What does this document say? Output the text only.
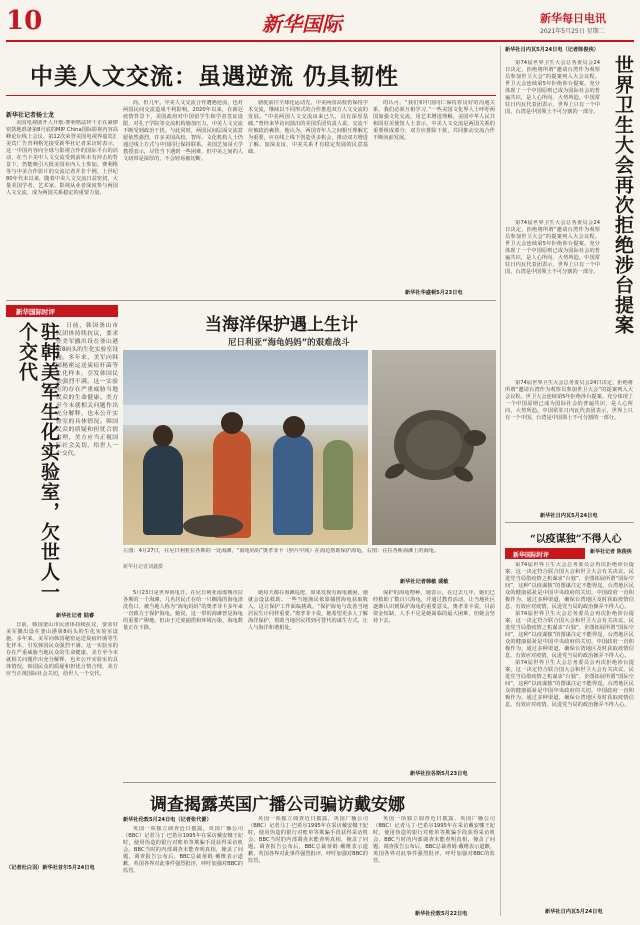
10	新华国际	新华每日电讯
2021年5月25日 星期二
中美人文交流：虽遇逆流 仍具韧性
新华社记者杨士龙

美国电视剧开人升歌·赛利格法拜千正在紧锣密鼓地准备第8月底的MIP China国际影视内容高峰论坛线上会议。第12次荣誉美国电视界嘉宾汇美宾广告青利格先接受新华社记者采访时表示，这一中国内容向全球与影视合作的国际平台的活动，在当下美中人文交流受到前所未有冲击的背景下，仍能吸引大批美国业内人士参加。赛利格等与中美合作影片的交流记者并非个例。上世纪80年代末以来，随着中美人文交流日益密切，大量美国学者、艺术家、影视从业者深度参与两国人文交流，成为两国关系稳定的重要力量。

尚，但几年，中美人文交流合作遭遇逆流，也对两国民间交流造成不利影响。2020年以来，在新冠疫情背景下，美国政府对中国留学生和学者签证设限，对孔子学院等交流机构施加压力，中美人文交流不断受到政治干扰。与此同时，两国民间层面交流意愿依然强烈，许多美国高校、智库、文化机构人士仍通过线上方式与中国同行保持联系。美国芝加哥大学教授表示，尽管当下遇到一些困难，但中美之间的人文纽带是深厚的，不会轻易被切断。

骆驼前往全球化运动先，中美两国高校仍保持学术交流，继续以不同形式的合作推进双方人文交流的发展。“中美两国人文交流由来已久，具有深厚基础。”曾经来华访问演出的美国乐团负责人说，交流不应被政治裹挟。他认为，两国青年人之间相互理解尤为重要，应在线上线下创造更多机会，推动双方增进了解、加深友谊，中美关系才有稳定发展的民意基础。

的认可。“我们和中国同仁保持着良好的沟通关系，我们必须互相学习。”一些美国文化界人士呼吁两国加强文化交流，用艺术增进理解。美国中华人民共和国驻美使馆人士表示，中美人文交流是两国关系的重要组成部分，双方应排除干扰，共同推动交流合作不断向前发展。

新华社华盛顿5月23日电
新华国际时评
驻韩美军生化实验室，欠世人一个交代	日前，韩国釜山市民团体持续抗议，要求驻美军撤出设在釜山港第8码头的生化实验室设施。多年来，美军向韩国秘密运送炭疽杆菌等生化样本，引发韩国民众强烈不满。这一实验室的存在严重威胁当地民众的生命健康。美方至今未就相关问题作出充分解释，也未公开实验室的具体情况。韩国民众的质疑和担忧合情合理，美方应当正视国际社会关切，给世人一个交代。

新华社记者 陆睿

日前，韩国釜山市民团体持续抗议，要求驻美军撤出设在釜山港第8码头的生化实验室设施。多年来，美军向韩国秘密运送炭疽杆菌等生化样本，引发韩国民众强烈不满。这一实验室的存在严重威胁当地民众的生命健康。美方至今未就相关问题作出充分解释，也未公开实验室的具体情况。韩国民众的质疑和担忧合情合理，美方应当正视国际社会关切，给世人一个交代。

（记者杜白羽）新华社首尔5月24日电
当海洋保护遇上生计
尼日利亚“海龟妈妈”的艰难战斗
左图：4月27日，在尼日利亚拉各斯的一处海滩，“海龟妈妈”奥孝菲卡（照片中间）在海边帮助保护海龟。右图：在拉各斯海滩上的海龟。
新华社记者刘鑫摄
新华社记者韩敏 裴敏

5月23日是世界海龟日。在尼日利亚南部城市拉各斯的一个海滩，几名居民正在给一只搁浅的海龟清洗伤口。被当地人称为“海龟妈妈”的奥孝菲卡多年来一直致力于保护海龟。她说，这一带的海滩曾是海龟的重要产卵地，但由于过度捕捞和环境污染，海龟数量正在下降。

她每天都在海滩巡逻，如果发现有海龟被困，她就会设法救助。一些当地渔民依靠捕捞海龟获取收入，这让保护工作面临挑战。“保护海龟与改善当地居民生计同样重要。”奥孝菲卡说，她希望更多人了解海洋保护，帮助当地居民找到可替代的谋生方式，让人与海洋和谐相处。

保护的海龟物种。她表示，在过去几年，她们已经救助了数百只海龟，并通过教育活动，让当地社区逐渐认识到保护海龟的重要意义。奥孝菲卡说，目前资金短缺、人手不足是她面临的最大困难，但她会坚持下去。

新华社拉各斯5月23日电
调查揭露英国广播公司骗访戴安娜
新华社伦敦5月24日电（记者张代蕾）

英国一项独立调查近日披露，英国广播公司（BBC）记者马丁·巴希尔1995年在采访戴安娜王妃时，使用伪造的银行对账单等欺骗手段获得采访机会。BBC当时的内部调查未能查明真相，掩盖了问题。调查报告公布后，BBC总裁蒂姆·戴维表示道歉，英国各界对此事件强烈批评，呼吁加强对BBC的监管。

英国一项独立调查近日披露，英国广播公司（BBC）记者马丁·巴希尔1995年在采访戴安娜王妃时，使用伪造的银行对账单等欺骗手段获得采访机会。BBC当时的内部调查未能查明真相，掩盖了问题。调查报告公布后，BBC总裁蒂姆·戴维表示道歉，英国各界对此事件强烈批评，呼吁加强对BBC的监管。

英国一项独立调查近日披露，英国广播公司（BBC）记者马丁·巴希尔1995年在采访戴安娜王妃时，使用伪造的银行对账单等欺骗手段获得采访机会。BBC当时的内部调查未能查明真相，掩盖了问题。调查报告公布后，BBC总裁蒂姆·戴维表示道歉，英国各界对此事件强烈批评，呼吁加强对BBC的监管。

新华社伦敦5月22日电
新华社日内瓦5月24日电（记者陈俊侠）

第74届世界卫生大会总务委员会24日决定，拒绝将所谓“邀请台湾作为观察员参加世卫大会”的提案列入大会议程。世卫大会连续第5年拒绝涉台提案。充分体现了一个中国原则已成为国际社会的普遍共识，是人心所向、大势所趋。中国常驻日内瓦代表团表示，世界上只有一个中国，台湾是中国领土不可分割的一部分。 世界卫生大会再次拒绝涉台提案

第74届世界卫生大会总务委员会24日决定，拒绝将所谓“邀请台湾作为观察员参加世卫大会”的提案列入大会议程。世卫大会连续第5年拒绝涉台提案。充分体现了一个中国原则已成为国际社会的普遍共识，是人心所向、大势所趋。中国常驻日内瓦代表团表示，世界上只有一个中国，台湾是中国领土不可分割的一部分。

第74届世界卫生大会总务委员会24日决定，拒绝将所谓“邀请台湾作为观察员参加世卫大会”的提案列入大会议程。世卫大会连续第5年拒绝涉台提案。充分体现了一个中国原则已成为国际社会的普遍共识，是人心所向、大势所趋。中国常驻日内瓦代表团表示，世界上只有一个中国，台湾是中国领土不可分割的一部分。

新华社日内瓦5月24日电
“以疫谋独”不得人心
新华国际时评	新华社记者 陈俊侠

第74届世界卫生大会总务委员会再次拒绝涉台提案，这一决定符合联合国大会和世卫大会有关决议。民进党当局借疫情之机谋求“台独”，企图拓展所谓“国际空间”，这种“以疫谋独”的图谋注定不能得逞。台湾地区民众的健康福祉是中国中央政府的关切，中国政府一直积极作为，通过多种渠道，确保台湾地区及时获取疫情信息、有效应对疫情。民进党当局的政治操弄不得人心。

第74届世界卫生大会总务委员会再次拒绝涉台提案，这一决定符合联合国大会和世卫大会有关决议。民进党当局借疫情之机谋求“台独”，企图拓展所谓“国际空间”，这种“以疫谋独”的图谋注定不能得逞。台湾地区民众的健康福祉是中国中央政府的关切，中国政府一直积极作为，通过多种渠道，确保台湾地区及时获取疫情信息、有效应对疫情。民进党当局的政治操弄不得人心。

第74届世界卫生大会总务委员会再次拒绝涉台提案，这一决定符合联合国大会和世卫大会有关决议。民进党当局借疫情之机谋求“台独”，企图拓展所谓“国际空间”，这种“以疫谋独”的图谋注定不能得逞。台湾地区民众的健康福祉是中国中央政府的关切，中国政府一直积极作为，通过多种渠道，确保台湾地区及时获取疫情信息、有效应对疫情。民进党当局的政治操弄不得人心。

新华社日内瓦5月24日电
